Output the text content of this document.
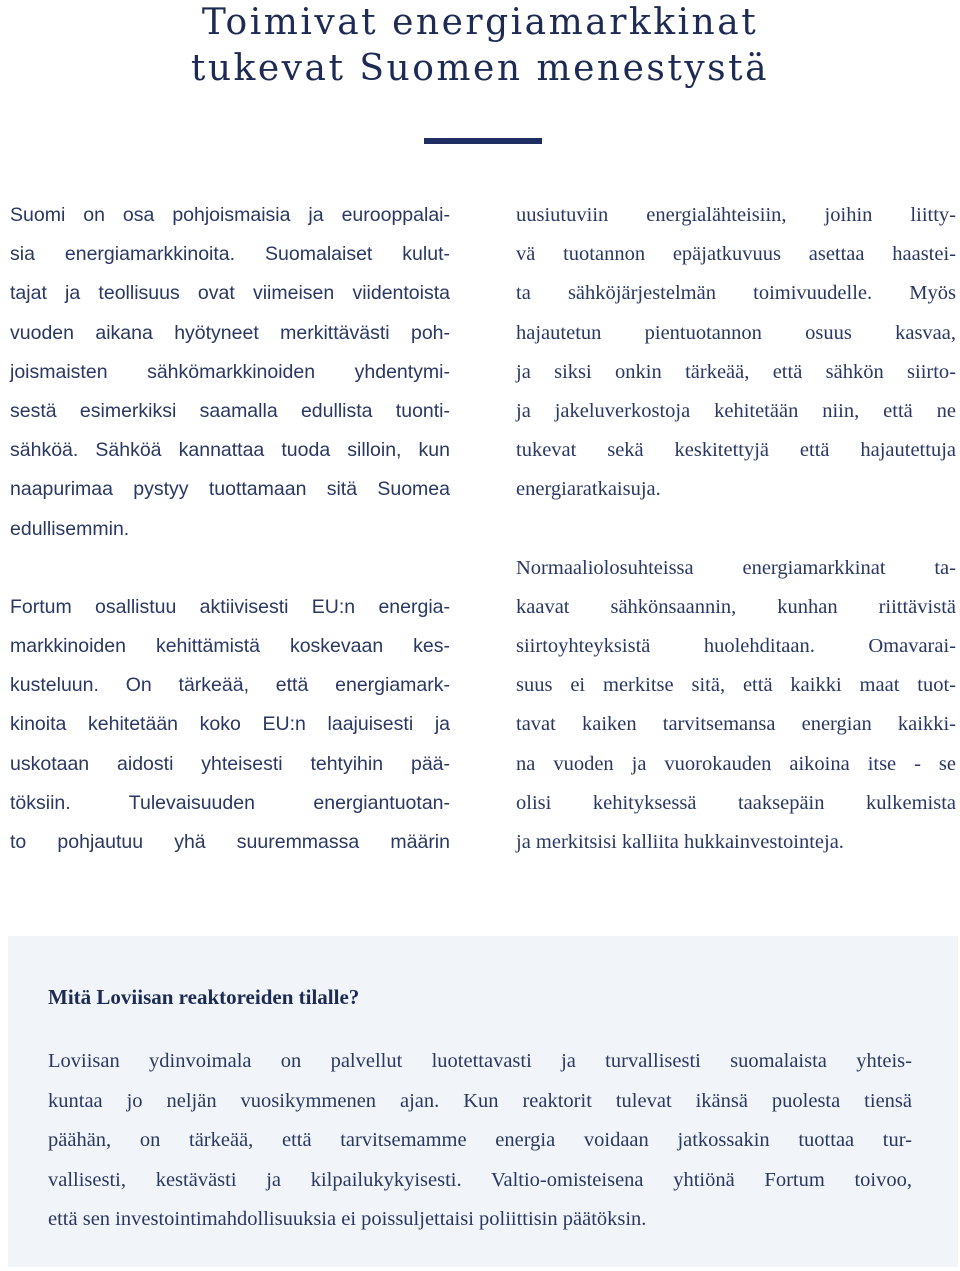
Toimivat energiamarkkinat
tukevat Suomen menestystä

Suomi on osa pohjoismaisia ja eurooppalai-
sia energiamarkkinoita. Suomalaiset kulut-
tajat ja teollisuus ovat viimeisen viidentoista
vuoden aikana hyötyneet merkittävästi poh-
joismaisten sähkömarkkinoiden yhdentymi-
sestä esimerkiksi saamalla edullista tuonti-
sähköä. Sähköä kannattaa tuoda silloin, kun
naapurimaa pystyy tuottamaan sitä Suomea
edullisemmin.

Fortum osallistuu aktiivisesti EU:n energia-
markkinoiden kehittämistä koskevaan kes-
kusteluun. On tärkeää, että energiamark-
kinoita kehitetään koko EU:n laajuisesti ja
uskotaan aidosti yhteisesti tehtyihin pää-
töksiin. Tulevaisuuden energiantuotan-
to pohjautuu yhä suuremmassa määrin

uusiutuviin energialähteisiin, joihin liitty-
vä tuotannon epäjatkuvuus asettaa haastei-
ta sähköjärjestelmän toimivuudelle. Myös
hajautetun pientuotannon osuus kasvaa,
ja siksi onkin tärkeää, että sähkön siirto-
ja jakeluverkostoja kehitetään niin, että ne
tukevat sekä keskitettyjä että hajautettuja
energiaratkaisuja.

Normaaliolosuhteissa energiamarkkinat ta-
kaavat sähkönsaannin, kunhan riittävistä
siirtoyhteyksistä huolehditaan. Omavarai-
suus ei merkitse sitä, että kaikki maat tuot-
tavat kaiken tarvitsemansa energian kaikki-
na vuoden ja vuorokauden aikoina itse - se
olisi kehityksessä taaksepäin kulkemista
ja merkitsisi kalliita hukkainvestointeja.

Mitä Loviisan reaktoreiden tilalle?

Loviisan ydinvoimala on palvellut luotettavasti ja turvallisesti suomalaista yhteis-
kuntaa jo neljän vuosikymmenen ajan. Kun reaktorit tulevat ikänsä puolesta tiensä
päähän, on tärkeää, että tarvitsemamme energia voidaan jatkossakin tuottaa tur-
vallisesti, kestävästi ja kilpailukykyisesti. Valtio-omisteisena yhtiönä Fortum toivoo,
että sen investointimahdollisuuksia ei poissuljettaisi poliittisin päätöksin.
